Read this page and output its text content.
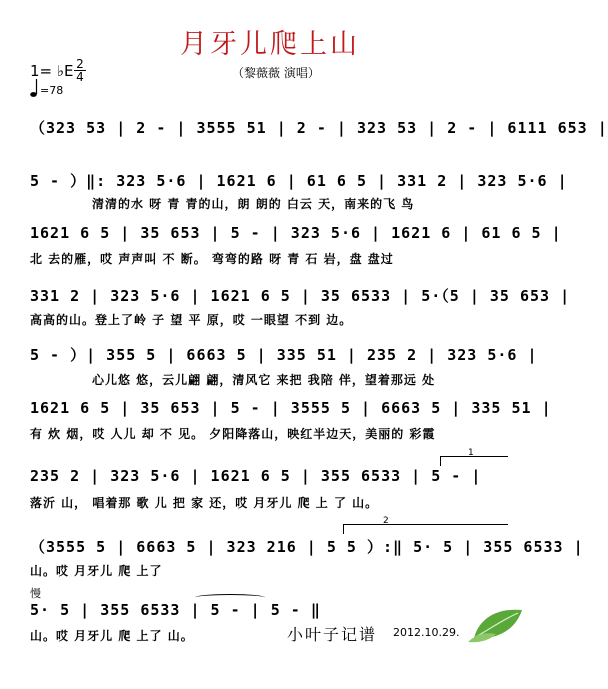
月牙儿爬上山
1= ♭E 2
4	（黎薇薇 演唱）
=78
（323 53 | 2 - | 3555 51 | 2 - | 323 53 | 2 - | 6111 653 |
5 - ）‖: 323 5·6 | 1621 6 | 61 6 5 | 331 2 | 323 5·6 |
清清的水 呀 青 青的山，朗 朗的 白云 天，南来的飞 鸟
1621 6 5 | 35 653 | 5 - | 323 5·6 | 1621 6 | 61 6 5 |
北 去的雁，哎 声声叫 不 断。 弯弯的路 呀 青 石 岩，盘 盘过
331 2 | 323 5·6 | 1621 6 5 | 35 6533 | 5·（5 | 35 653 |
高高的山。登上了岭 子 望 平 原，哎 一眼望 不到 边。
5 - ）| 355 5 | 6663 5 | 335 51 | 235 2 | 323 5·6 |
心儿悠 悠，云儿翩 翩，清风它 来把 我陪 伴，望着那远 处
1621 6 5 | 35 653 | 5 - | 3555 5 | 6663 5 | 335 51 |
有 炊 烟，哎 人儿 却 不 见。 夕阳降落山，映红半边天，美丽的 彩霞
1
235 2 | 323 5·6 | 1621 6 5 | 355 6533 | 5 - |
落沂 山， 唱着那 歌 儿 把 家 还，哎 月牙儿 爬 上 了 山。
2
（3555 5 | 6663 5 | 323 216 | 5 5 ）:‖ 5· 5 | 355 6533 |
山。哎 月牙儿 爬 上了
慢
5· 5 | 355 6533 | 5 - | 5 - ‖
山。哎 月牙儿 爬 上了 山。	小叶子记谱 2012.10.29.
